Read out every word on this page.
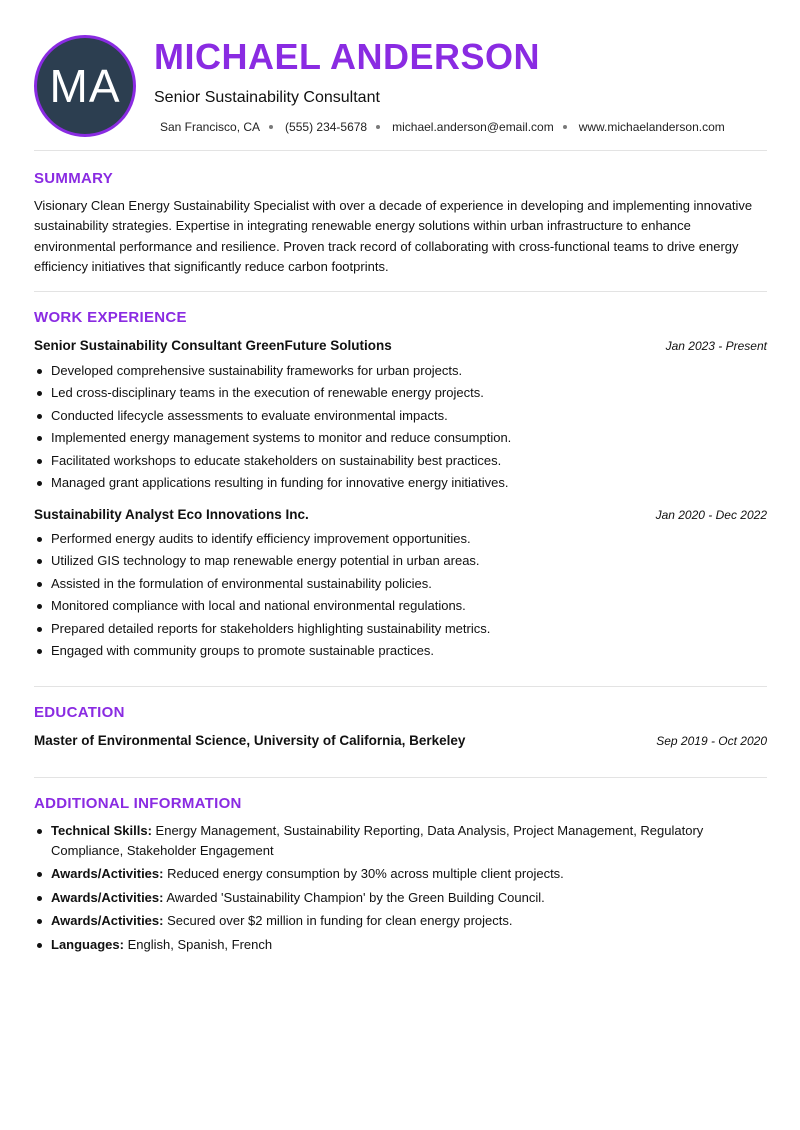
MA
MICHAEL ANDERSON
Senior Sustainability Consultant
San Francisco, CA (555) 234-5678 michael.anderson@email.com www.michaelanderson.com
SUMMARY

Visionary Clean Energy Sustainability Specialist with over a decade of experience in developing and implementing innovative sustainability strategies. Expertise in integrating renewable energy solutions within urban infrastructure to enhance environmental performance and resilience. Proven track record of collaborating with cross-functional teams to drive energy efficiency initiatives that significantly reduce carbon footprints.

WORK EXPERIENCE
Senior Sustainability Consultant GreenFuture Solutions	Jan 2023 - Present
Developed comprehensive sustainability frameworks for urban projects.
Led cross-disciplinary teams in the execution of renewable energy projects.
Conducted lifecycle assessments to evaluate environmental impacts.
Implemented energy management systems to monitor and reduce consumption.
Facilitated workshops to educate stakeholders on sustainability best practices.
Managed grant applications resulting in funding for innovative energy initiatives.
Sustainability Analyst Eco Innovations Inc.	Jan 2020 - Dec 2022
Performed energy audits to identify efficiency improvement opportunities.
Utilized GIS technology to map renewable energy potential in urban areas.
Assisted in the formulation of environmental sustainability policies.
Monitored compliance with local and national environmental regulations.
Prepared detailed reports for stakeholders highlighting sustainability metrics.
Engaged with community groups to promote sustainable practices.
EDUCATION
Master of Environmental Science, University of California, Berkeley	Sep 2019 - Oct 2020
ADDITIONAL INFORMATION
Technical Skills: Energy Management, Sustainability Reporting, Data Analysis, Project Management, Regulatory Compliance, Stakeholder Engagement
Awards/Activities: Reduced energy consumption by 30% across multiple client projects.
Awards/Activities: Awarded 'Sustainability Champion' by the Green Building Council.
Awards/Activities: Secured over $2 million in funding for clean energy projects.
Languages: English, Spanish, French
